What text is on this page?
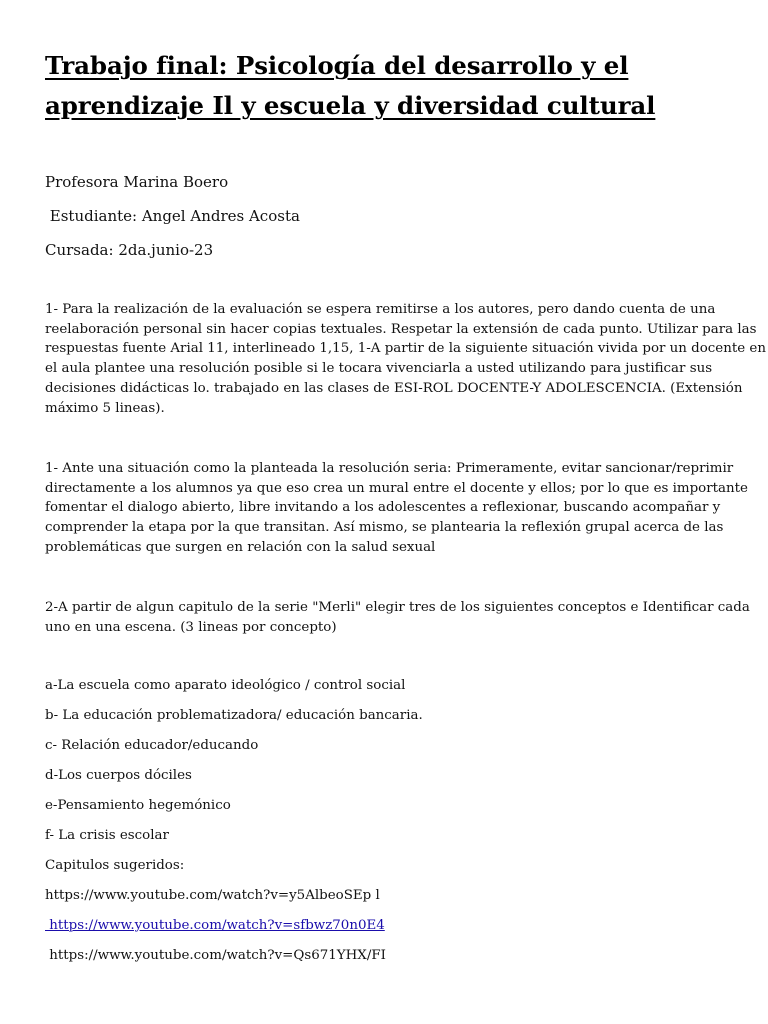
Trabajo final: Psicología del desarrollo y el
aprendizaje Il y escuela y diversidad cultural
Profesora Marina Boero
Estudiante: Angel Andres Acosta
Cursada: 2da.junio-23
1- Para la realización de la evaluación se espera remitirse a los autores, pero dando cuenta de una
reelaboración personal sin hacer copias textuales. Respetar la extensión de cada punto. Utilizar para las
respuestas fuente Arial 11, interlineado 1,15, 1-A partir de la siguiente situación vivida por un docente en
el aula plantee una resolución posible si le tocara vivenciarla a usted utilizando para justificar sus
decisiones didácticas lo. trabajado en las clases de ESI-ROL DOCENTE-Y ADOLESCENCIA. (Extensión
máximo 5 lineas).
1- Ante una situación como la planteada la resolución seria: Primeramente, evitar sancionar/reprimir
directamente a los alumnos ya que eso crea un mural entre el docente y ellos; por lo que es importante
fomentar el dialogo abierto, libre invitando a los adolescentes a reflexionar, buscando acompañar y
comprender la etapa por la que transitan. Así mismo, se plantearia la reflexión grupal acerca de las
problemáticas que surgen en relación con la salud sexual
2-A partir de algun capitulo de la serie "Merli" elegir tres de los siguientes conceptos e Identificar cada
uno en una escena. (3 lineas por concepto)
a-La escuela como aparato ideológico / control social
b- La educación problematizadora/ educación bancaria.
c- Relación educador/educando
d-Los cuerpos dóciles
e-Pensamiento hegemónico
f- La crisis escolar
Capitulos sugeridos:
https://www.youtube.com/watch?v=y5AlbeoSEp l
https://www.youtube.com/watch?v=sfbwz70n0E4
https://www.youtube.com/watch?v=Qs671YHX/FI
